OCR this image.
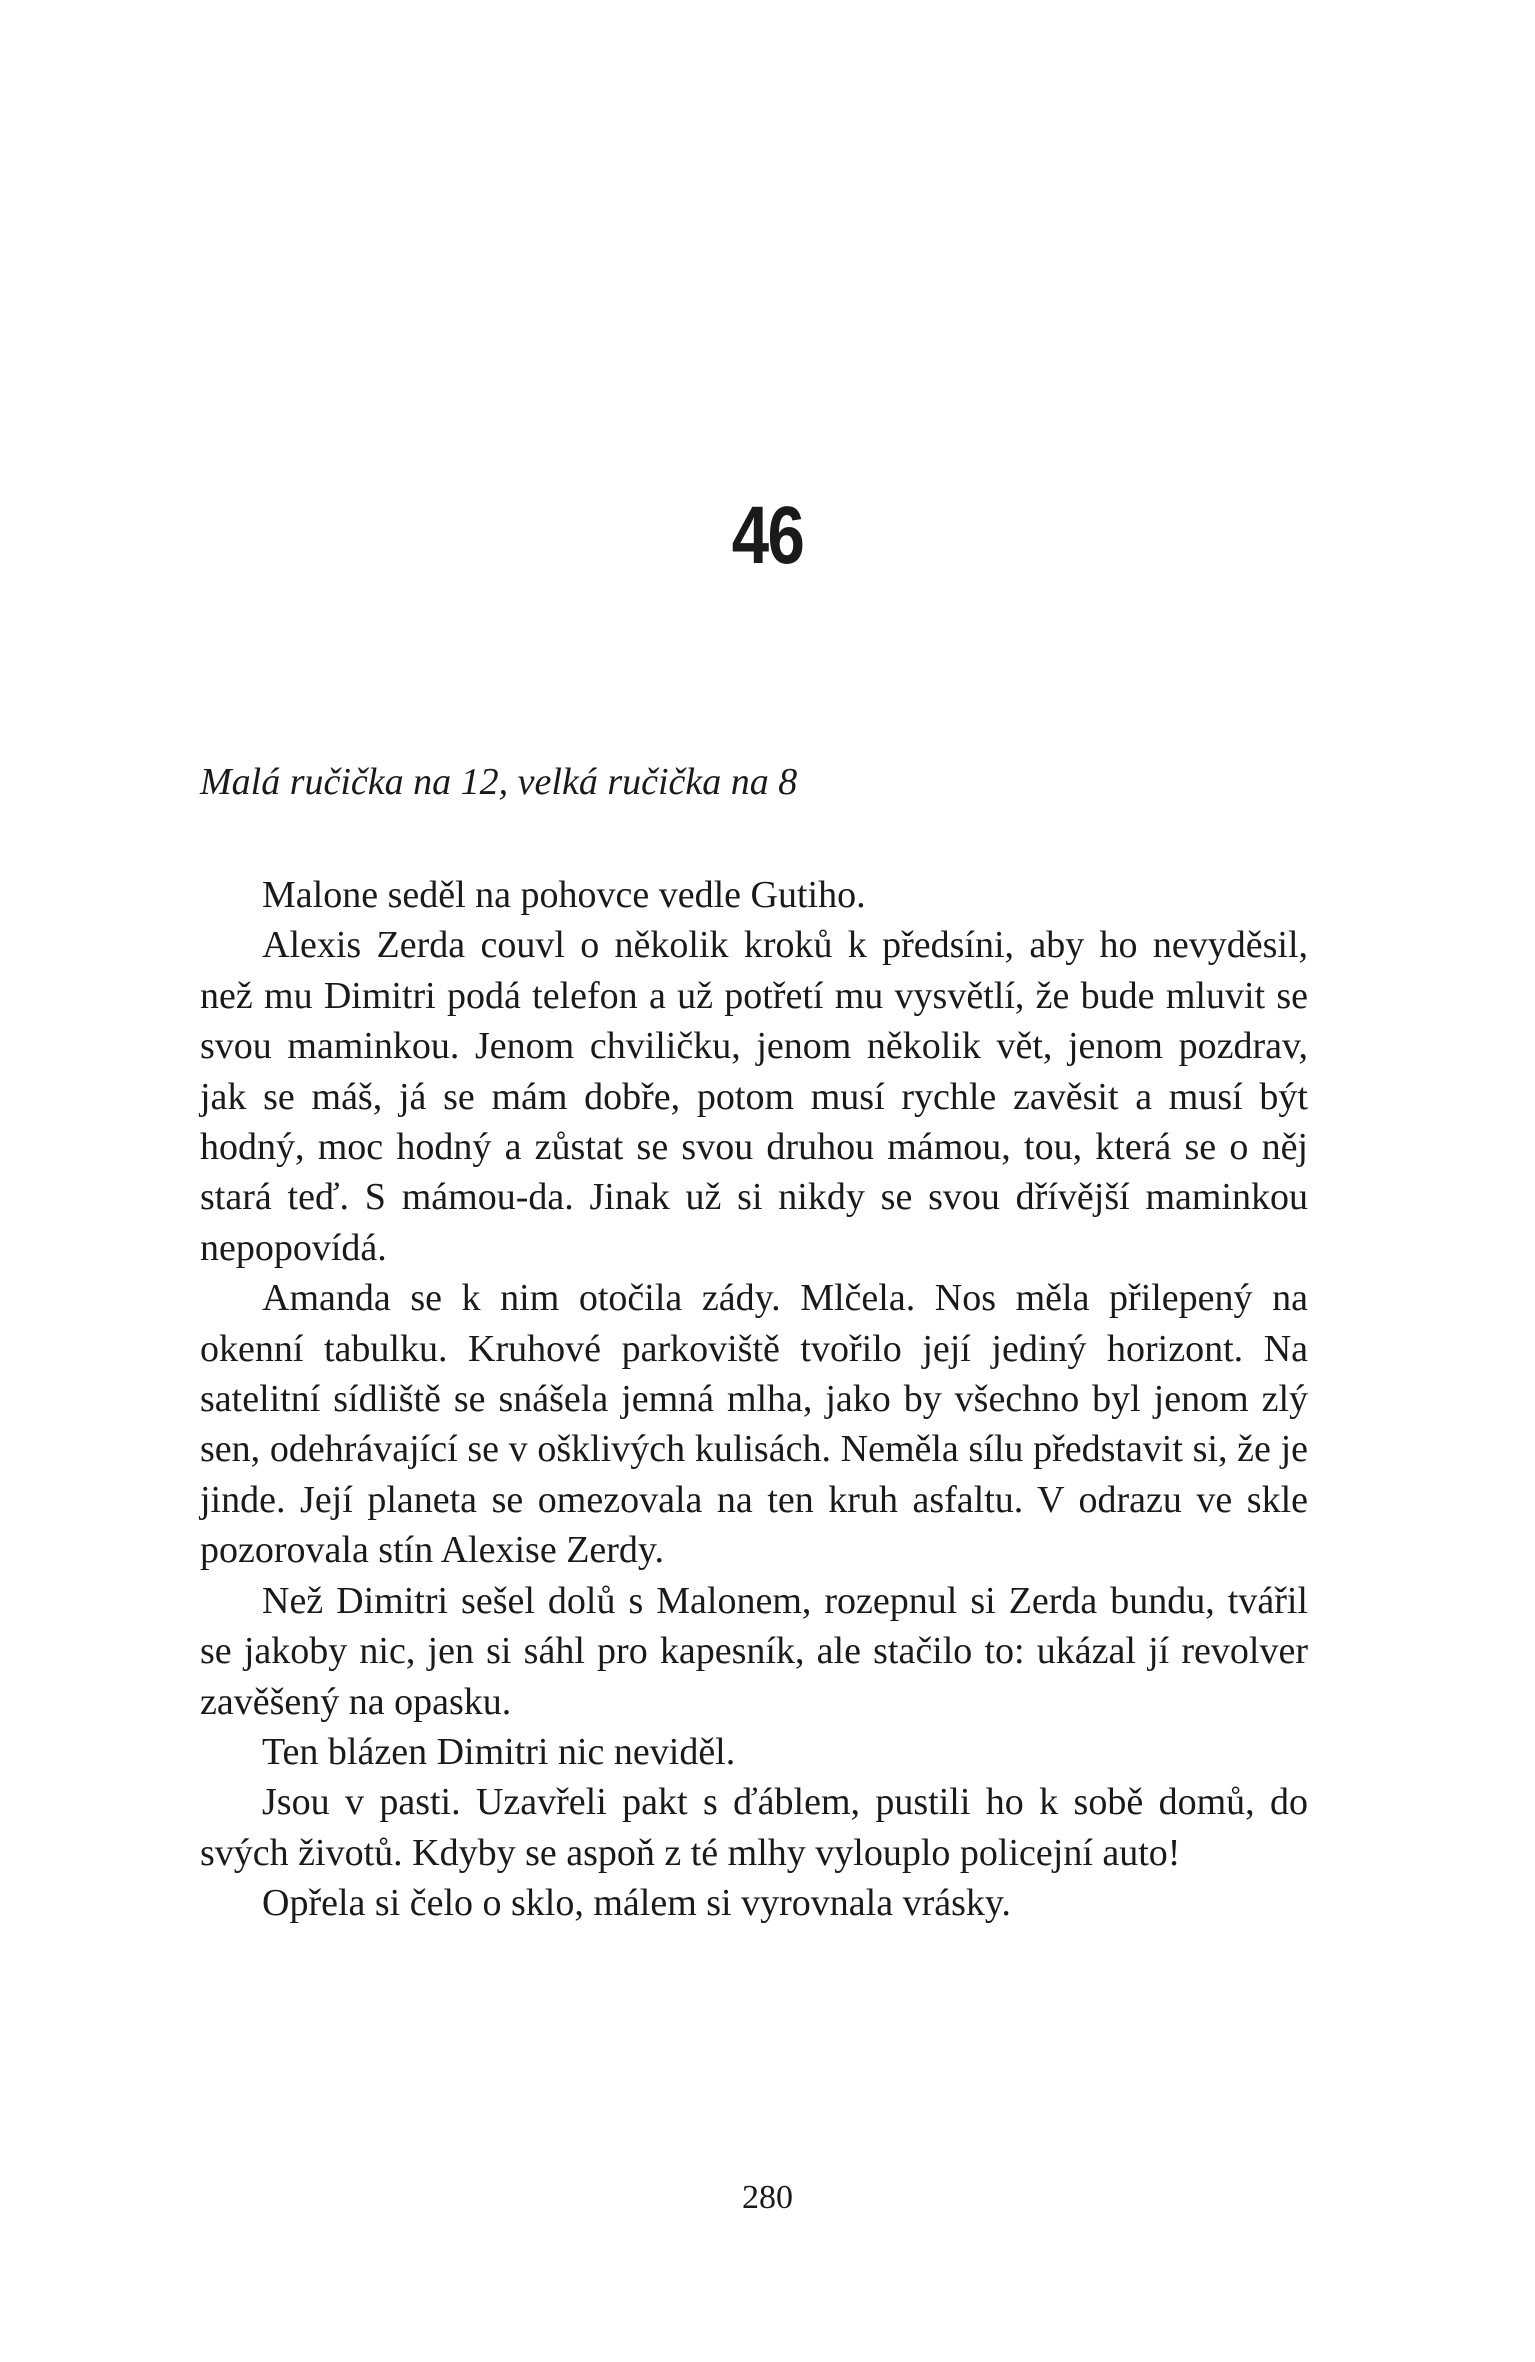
46

Malá ručička na 12, velká ručička na 8

Malone seděl na pohovce vedle Gutiho.

Alexis Zerda couvl o několik kroků k předsíni, aby ho nevyděsil, než mu Dimitri podá telefon a už potřetí mu vysvětlí, že bude mluvit se svou maminkou. Jenom chviličku, jenom několik vět, jenom pozdrav, jak se máš, já se mám dobře, potom musí rychle zavěsit a musí být hodný, moc hodný a zůstat se svou druhou mámou, tou, která se o něj stará teď. S mámou-da. Jinak už si nikdy se svou dřívější maminkou nepopovídá.

Amanda se k nim otočila zády. Mlčela. Nos měla přilepený na okenní tabulku. Kruhové parkoviště tvořilo její jediný horizont. Na satelitní sídliště se snášela jemná mlha, jako by všechno byl jenom zlý sen, odehrávající se v ošklivých kulisách. Neměla sílu představit si, že je jinde. Její planeta se omezovala na ten kruh asfaltu. V odrazu ve skle pozorovala stín Alexise Zerdy.

Než Dimitri sešel dolů s Malonem, rozepnul si Zerda bundu, tvářil se jakoby nic, jen si sáhl pro kapesník, ale stačilo to: ukázal jí revolver zavěšený na opasku.

Ten blázen Dimitri nic neviděl.

Jsou v pasti. Uzavřeli pakt s ďáblem, pustili ho k sobě domů, do svých životů. Kdyby se aspoň z té mlhy vylouplo policejní auto!

Opřela si čelo o sklo, málem si vyrovnala vrásky.

280
